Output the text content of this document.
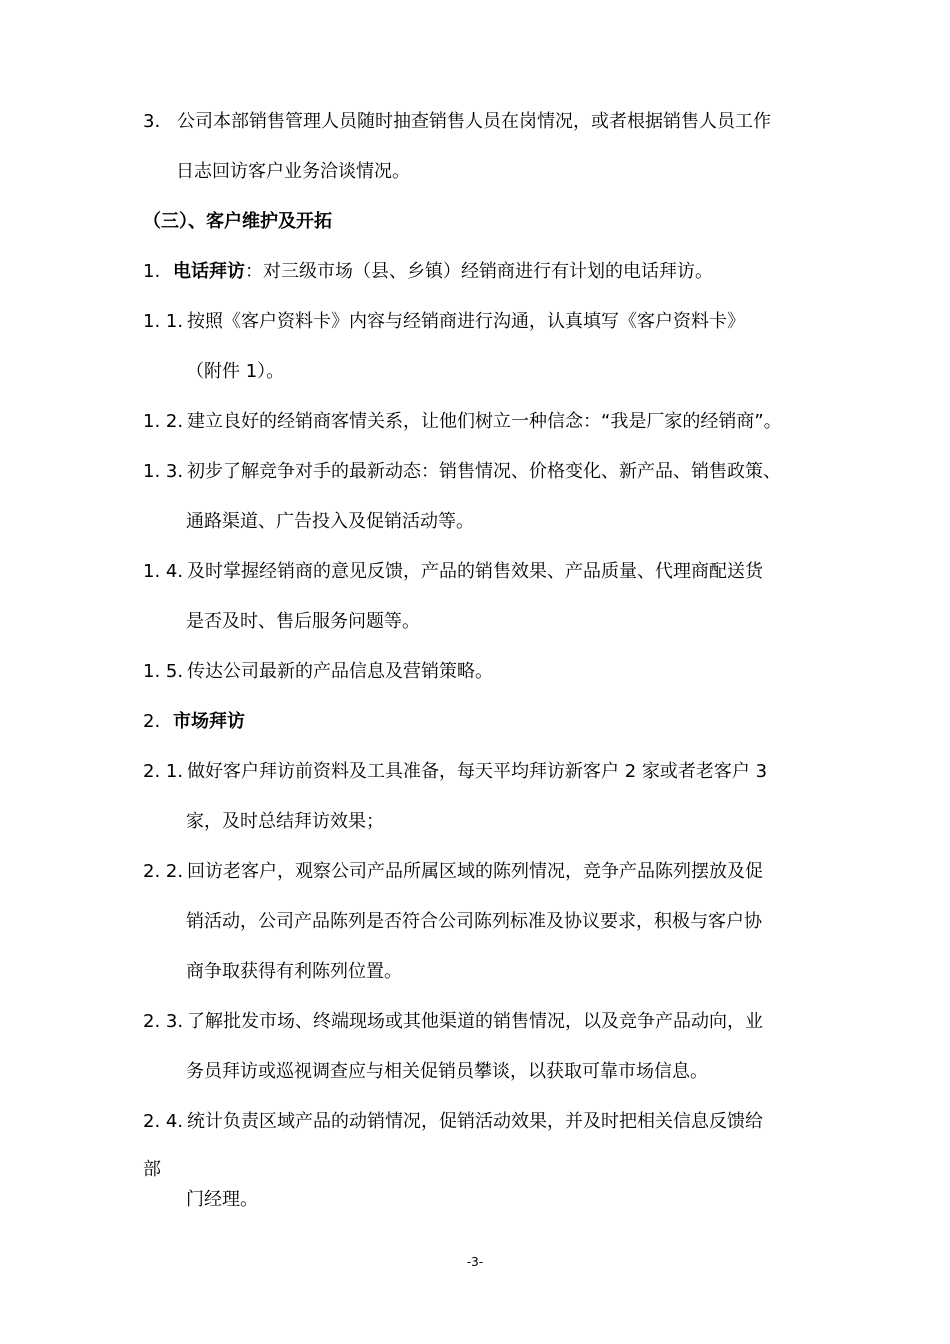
3. 公司本部销售管理人员随时抽查销售人员在岗情况，或者根据销售人员工作
日志回访客户业务洽谈情况。
（三）、客户维护及开拓
1. 电话拜访：对三级市场（县、乡镇）经销商进行有计划的电话拜访。
1. 1. 按照《客户资料卡》内容与经销商进行沟通，认真填写《客户资料卡》
（附件 1）。
1. 2. 建立良好的经销商客情关系，让他们树立一种信念：“我是厂家的经销商”。
1. 3. 初步了解竞争对手的最新动态：销售情况、价格变化、新产品、销售政策、
通路渠道、广告投入及促销活动等。
1. 4. 及时掌握经销商的意见反馈，产品的销售效果、产品质量、代理商配送货
是否及时、售后服务问题等。
1. 5. 传达公司最新的产品信息及营销策略。
2. 市场拜访
2. 1. 做好客户拜访前资料及工具准备，每天平均拜访新客户 2 家或者老客户 3
家，及时总结拜访效果；
2. 2. 回访老客户，观察公司产品所属区域的陈列情况，竞争产品陈列摆放及促
销活动，公司产品陈列是否符合公司陈列标准及协议要求，积极与客户协
商争取获得有利陈列位置。
2. 3. 了解批发市场、终端现场或其他渠道的销售情况，以及竞争产品动向，业
务员拜访或巡视调查应与相关促销员攀谈，以获取可靠市场信息。
2. 4. 统计负责区域产品的动销情况，促销活动效果，并及时把相关信息反馈给
部
门经理。
-3-
